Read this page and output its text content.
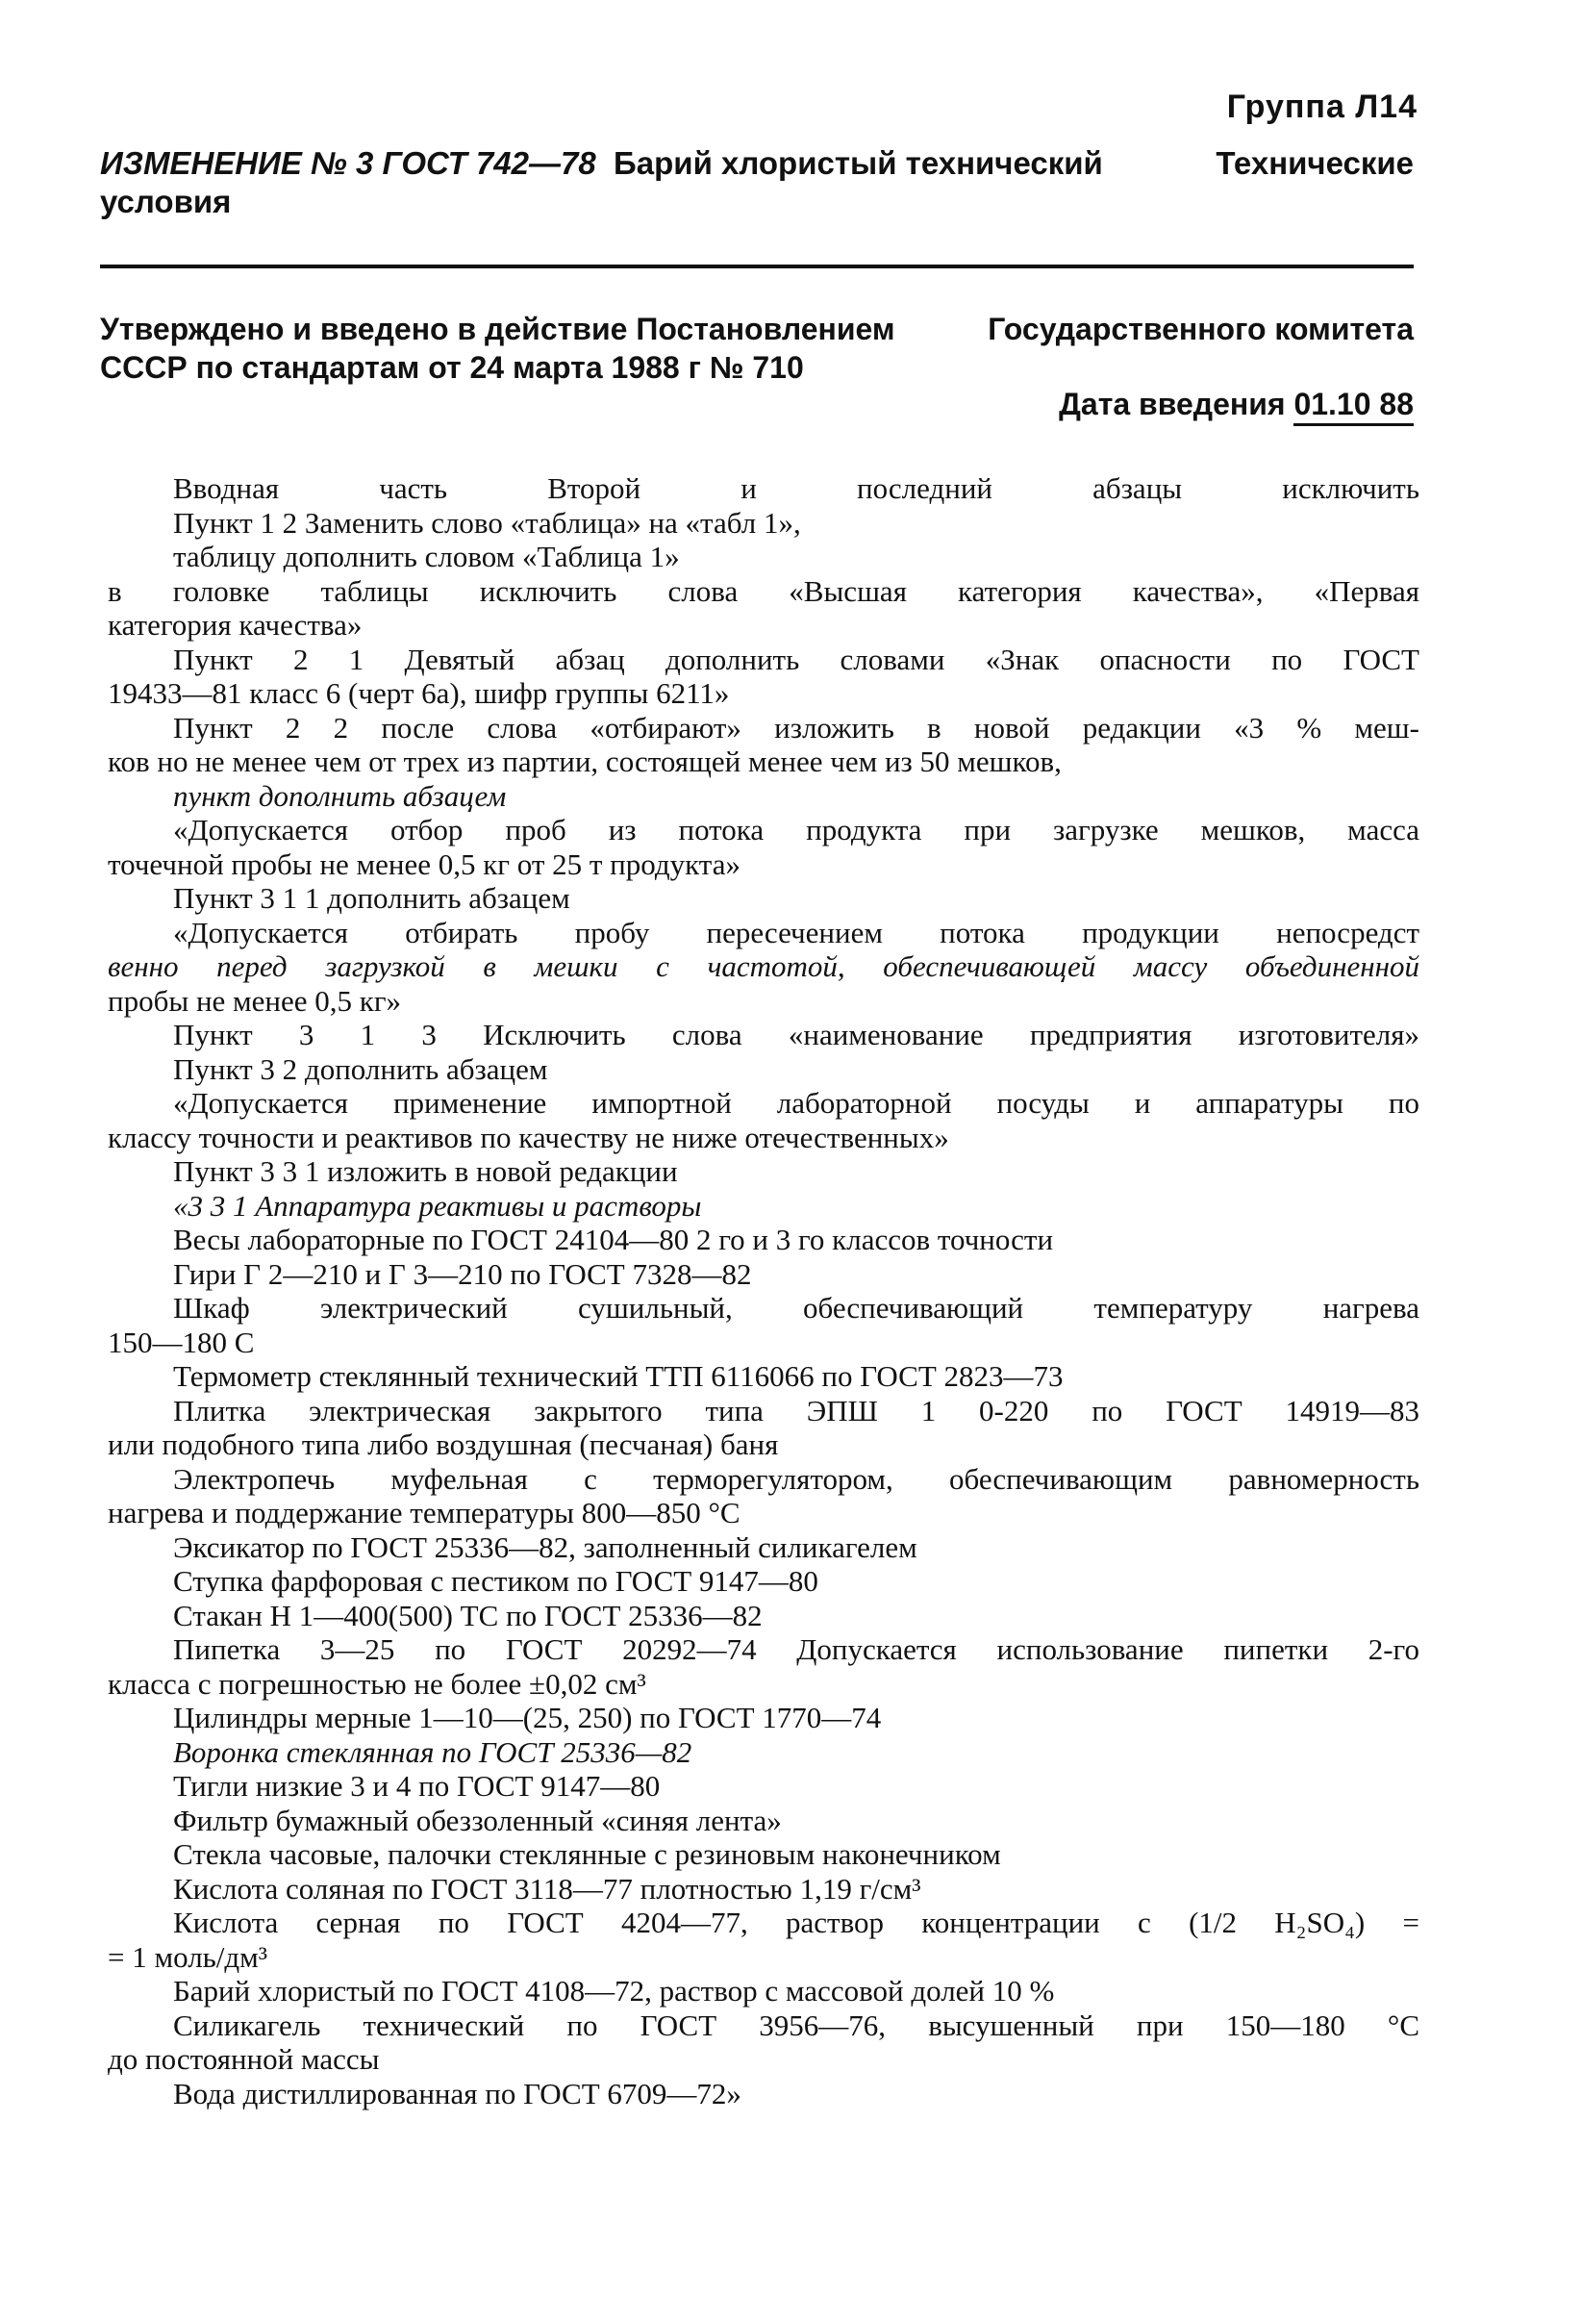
Группа Л14
ИЗМЕНЕНИЕ № 3 ГОСТ 742—78 Барий хлористый технический	Технические

условия
Утверждено и введено в действие Постановлением	Государственного комитета

СССР по стандартам от 24 марта 1988 г № 710
Дата введения 01.10 88
Вводная часть Второй и последний абзацы исключить
Пункт 1 2 Заменить слово «таблица» на «табл 1»,
таблицу дополнить словом «Таблица 1»
в головке таблицы исключить слова «Высшая категория качества», «Первая
категория качества»
Пункт 2 1 Девятый абзац дополнить словами «Знак опасности по ГОСТ
19433—81 класс 6 (черт 6а), шифр группы 6211»
Пункт 2 2 после слова «отбирают» изложить в новой редакции «3 % меш-
ков но не менее чем от трех из партии, состоящей менее чем из 50 мешков,
пункт дополнить абзацем
«Допускается отбор проб из потока продукта при загрузке мешков, масса
точечной пробы не менее 0,5 кг от 25 т продукта»
Пункт 3 1 1 дополнить абзацем
«Допускается отбирать пробу пересечением потока продукции непосредст
венно перед загрузкой в мешки с частотой, обеспечивающей массу объединенной
пробы не менее 0,5 кг»
Пункт 3 1 3 Исключить слова «наименование предприятия изготовителя»
Пункт 3 2 дополнить абзацем
«Допускается применение импортной лабораторной посуды и аппаратуры по
классу точности и реактивов по качеству не ниже отечественных»
Пункт 3 3 1 изложить в новой редакции
«3 3 1 Аппаратура реактивы и растворы
Весы лабораторные по ГОСТ 24104—80 2 го и 3 го классов точности
Гири Г 2—210 и Г 3—210 по ГОСТ 7328—82
Шкаф электрический сушильный, обеспечивающий температуру нагрева
150—180 С
Термометр стеклянный технический ТТП 6116066 по ГОСТ 2823—73
Плитка электрическая закрытого типа ЭПШ 1 0-220 по ГОСТ 14919—83
или подобного типа либо воздушная (песчаная) баня
Электропечь муфельная с терморегулятором, обеспечивающим равномерность
нагрева и поддержание температуры 800—850 °С
Эксикатор по ГОСТ 25336—82, заполненный силикагелем
Ступка фарфоровая с пестиком по ГОСТ 9147—80
Стакан Н 1—400(500) ТС по ГОСТ 25336—82
Пипетка 3—25 по ГОСТ 20292—74 Допускается использование пипетки 2-го
класса с погрешностью не более ±0,02 см³
Цилиндры мерные 1—10—(25, 250) по ГОСТ 1770—74
Воронка стеклянная по ГОСТ 25336—82
Тигли низкие 3 и 4 по ГОСТ 9147—80
Фильтр бумажный обеззоленный «синяя лента»
Стекла часовые, палочки стеклянные с резиновым наконечником
Кислота соляная по ГОСТ 3118—77 плотностью 1,19 г/см³
Кислота серная по ГОСТ 4204—77, раствор концентрации с (1/2 H₂SO₄) =
= 1 моль/дм³
Барий хлористый по ГОСТ 4108—72, раствор с массовой долей 10 %
Силикагель технический по ГОСТ 3956—76, высушенный при 150—180 °С
до постоянной массы
Вода дистиллированная по ГОСТ 6709—72»
